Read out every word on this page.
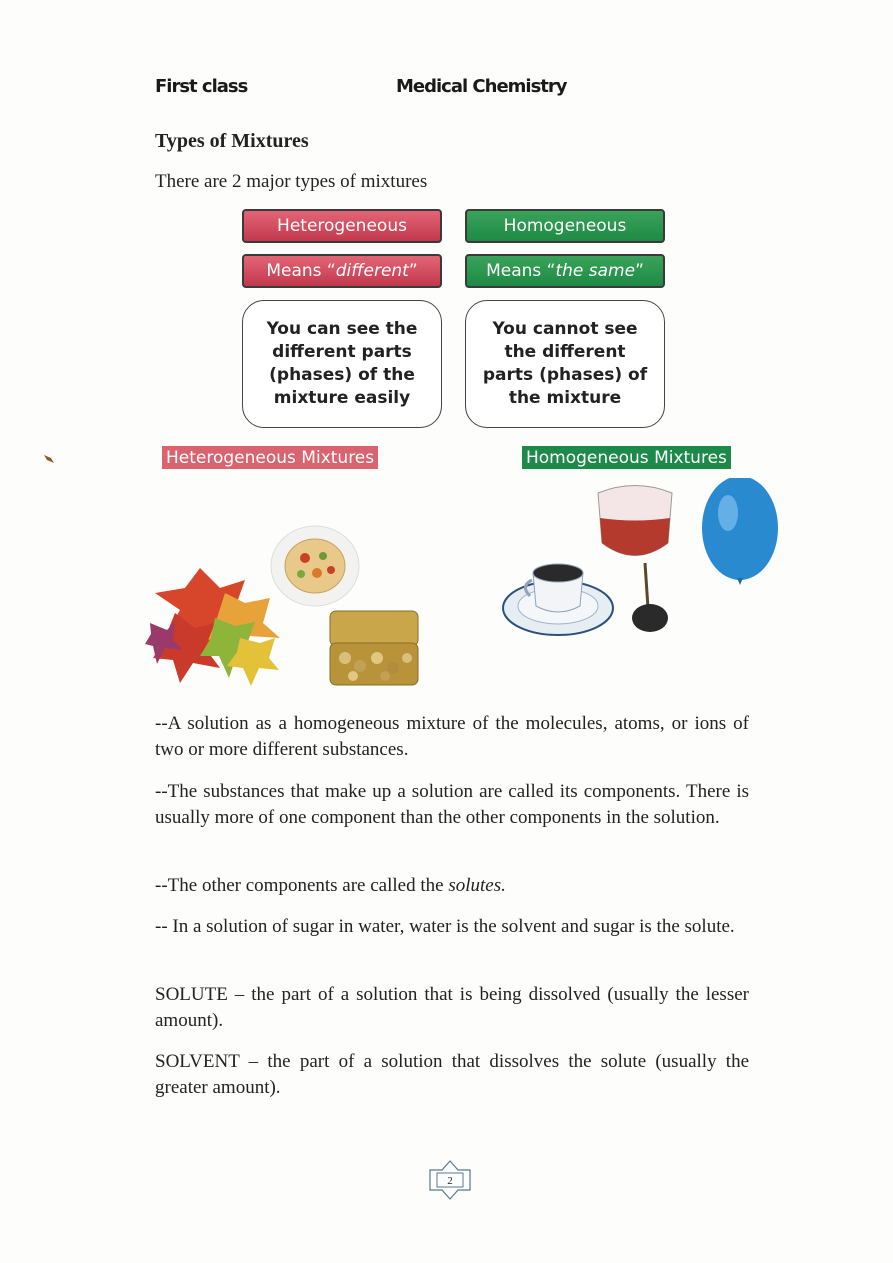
First class	Medical Chemistry
Types of Mixtures
There are 2 major types of mixtures
Heterogeneous
Means “ different ”
You can see the different parts (phases) of the mixture easily
Homogeneous
Means “ the same ”
You cannot see the different parts (phases) of the mixture
Heterogeneous Mixtures	Homogeneous Mixtures
--A solution as a homogeneous mixture of the molecules, atoms, or ions of two or more different substances.
--The substances that make up a solution are called its components. There is usually more of one component than the other components in the solution.
--The other components are called the solutes.
-- In a solution of sugar in water, water is the solvent and sugar is the solute.
SOLUTE – the part of a solution that is being dissolved (usually the lesser amount).
SOLVENT – the part of a solution that dissolves the solute (usually the greater amount).
2
